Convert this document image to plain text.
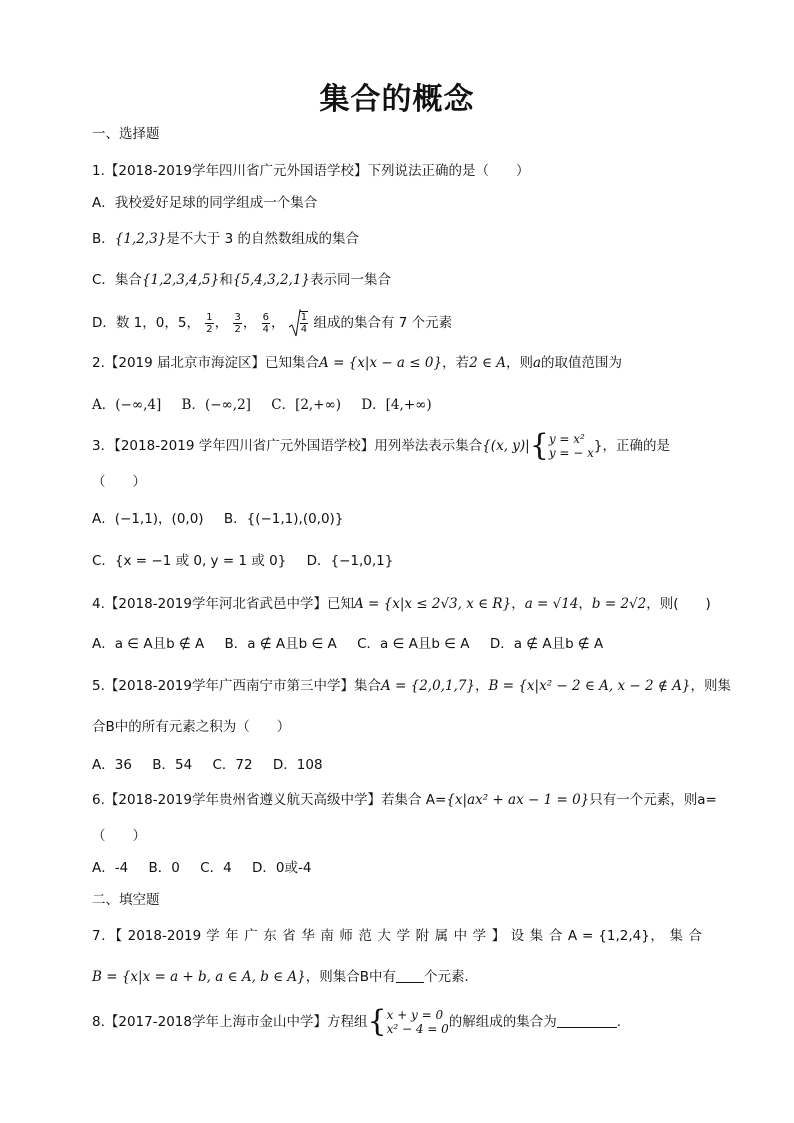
集合的概念
一、选择题
1.【2018-2019学年四川省广元外国语学校】下列说法正确的是（　　）
A．我校爱好足球的同学组成一个集合
B．{1,2,3}是不大于 3 的自然数组成的集合
C．集合{1,2,3,4,5}和{5,4,3,2,1}表示同一集合
D．数 1，0，5， $\frac{1}{2}$ ， $\frac{3}{2}$ ， $\frac{6}{4}$ ， $\frac{1}{4}$ 组成的集合有 7 个元素
2.【2019 届北京市海淀区】已知集合A = {x|x − a ≤ 0}，若2 ∈ A，则a的取值范围为
A．(−∞,4] B．(−∞,2] C．[2,+∞) D．[4,+∞)
3．【2018-2019 学年四川省广元外国语学校】用列举法表示集合{(x, y)|{ y = x²
y = − x }，正确的是
（　　）
A．(−1,1)，(0,0) B．{(−1,1),(0,0)}
C．{x = −1 或 0, y = 1 或 0} D．{−1,0,1}
4.【2018-2019学年河北省武邑中学】已知A = {x|x ≤ 2√3, x ∈ R}，a = √14，b = 2√2，则(　　)
A．a ∈ A且b ∉ A B．a ∉ A且b ∈ A C．a ∈ A且b ∈ A D．a ∉ A且b ∉ A
5.【2018-2019学年广西南宁市第三中学】集合A = {2,0,1,7}，B = {x|x² − 2 ∈ A, x − 2 ∉ A}，则集
合B中的所有元素之积为（　　）
A．36 B．54 C．72 D．108
6.【2018-2019学年贵州省遵义航天高级中学】若集合 A={x|ax² + ax − 1 = 0}只有一个元素，则a=
（　　）
A．-4 B．0 C．4 D．0或-4
二、填空题
7．【 2018-2019 学 年 广 东 省 华 南 师 范 大 学 附 属 中 学 】 设 集 合 A = {1,2,4}， 集 合
B = {x|x = a + b, a ∈ A, b ∈ A}，则集合B中有 个元素．
8.【2017-2018学年上海市金山中学】方程组{ x + y = 0
x² − 4 = 0 的解组成的集合为	.
